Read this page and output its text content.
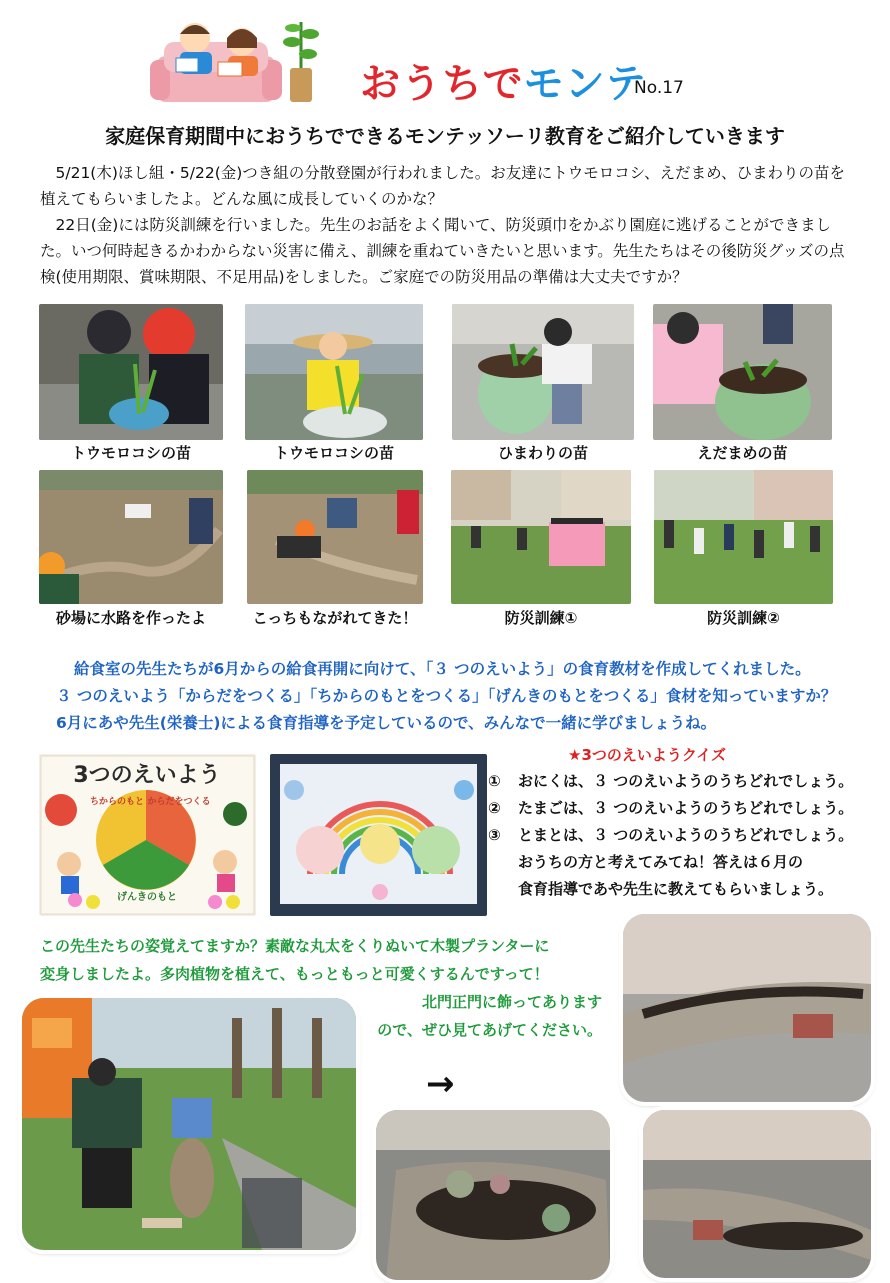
おうちでモンテ
No.17
家庭保育期間中におうちでできるモンテッソーリ教育をご紹介していきます

5/21(木)ほし組・5/22(金)つき組の分散登園が行われました。お友達にトウモロコシ、えだまめ、ひまわりの苗を植えてもらいましたよ。どんな風に成長していくのかな？

22日(金)には防災訓練を行いました。先生のお話をよく聞いて、防災頭巾をかぶり園庭に逃げることができました。いつ何時起きるかわからない災害に備え、訓練を重ねていきたいと思います。先生たちはその後防災グッズの点検(使用期限、賞味期限、不足用品)をしました。ご家庭での防災用品の準備は大丈夫ですか？

トウモロコシの苗	トウモロコシの苗	ひまわりの苗	えだまめの苗
砂場に水路を作ったよ	こっちもながれてきた！	防災訓練①	防災訓練②
給食室の先生たちが6月からの給食再開に向けて、「３ つのえいよう」の食育教材を作成してくれました。
３ つのえいよう「からだをつくる」「ちからのもとをつくる」「げんきのもとをつくる」食材を知っていますか？
6月にあや先生(栄養士)による食育指導を予定しているので、みんなで一緒に学びましょうね。
3つのえいよう
ちからのもと からだをつくる
げんきのもと
★3つのえいようクイズ
①	おにくは、３ つのえいようのうちどれでしょう。
②	たまごは、３ つのえいようのうちどれでしょう。
③	とまとは、３ つのえいようのうちどれでしょう。
おうちの方と考えてみてね！答えは６月の
食育指導であや先生に教えてもらいましょう。
この先生たちの姿覚えてますか？素敵な丸太をくりぬいて木製プランターに
変身しましたよ。多肉植物を植えて、もっともっと可愛くするんですって！
北門正門に飾ってあります
ので、ぜひ見てあげてください。
→
